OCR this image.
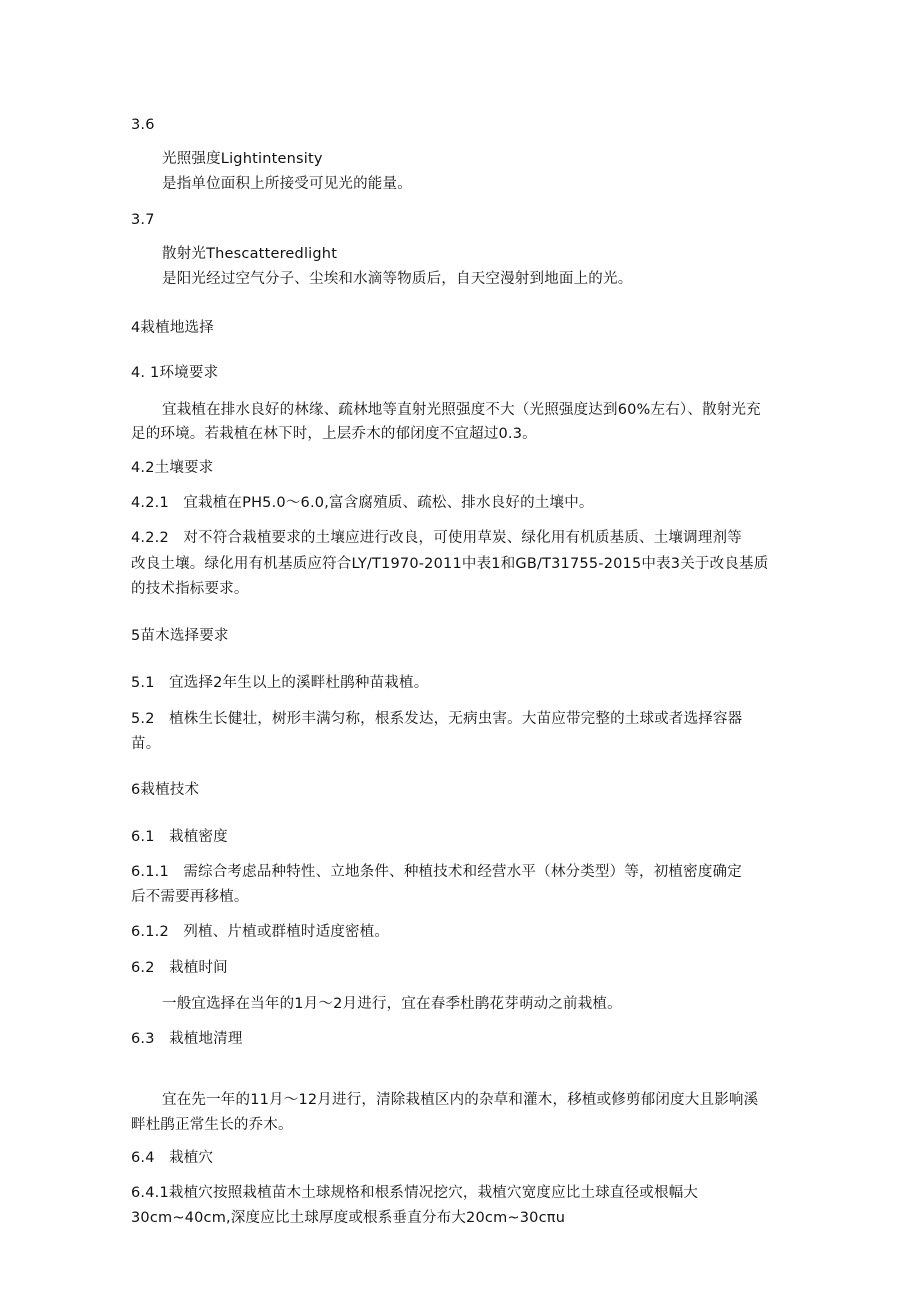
3.6
光照强度Lightintensity
是指单位面积上所接受可见光的能量。
3.7
散射光Thescatteredlight
是阳光经过空气分子、尘埃和水滴等物质后，自天空漫射到地面上的光。
4栽植地选择
4. 1环境要求
宜栽植在排水良好的林缘、疏林地等直射光照强度不大（光照强度达到60%左右）、散射光充
足的环境。若栽植在林下时，上层乔木的郁闭度不宜超过0.3。
4.2土壤要求
4.2.1   宜栽植在PH5.0～6.0,富含腐殖质、疏松、排水良好的土壤中。
4.2.2   对不符合栽植要求的土壤应进行改良，可使用草炭、绿化用有机质基质、土壤调理剂等
改良土壤。绿化用有机基质应符合LY/T1970-2011中表1和GB/T31755-2015中表3关于改良基质
的技术指标要求。
5苗木选择要求
5.1   宜选择2年生以上的溪畔杜鹃种苗栽植。
5.2   植株生长健壮，树形丰满匀称，根系发达，无病虫害。大苗应带完整的土球或者选择容器
苗。
6栽植技术
6.1   栽植密度
6.1.1   需综合考虑品种特性、立地条件、种植技术和经营水平（林分类型）等，初植密度确定
后不需要再移植。
6.1.2   列植、片植或群植时适度密植。
6.2   栽植时间
一般宜选择在当年的1月～2月进行，宜在春季杜鹃花芽萌动之前栽植。
6.3   栽植地清理
宜在先一年的11月～12月进行，清除栽植区内的杂草和灌木，移植或修剪郁闭度大且影响溪
畔杜鹃正常生长的乔木。
6.4   栽植穴
6.4.1栽植穴按照栽植苗木土球规格和根系情况挖穴，栽植穴宽度应比土球直径或根幅大
30cm~40cm,深度应比土球厚度或根系垂直分布大20cm~30cπu
